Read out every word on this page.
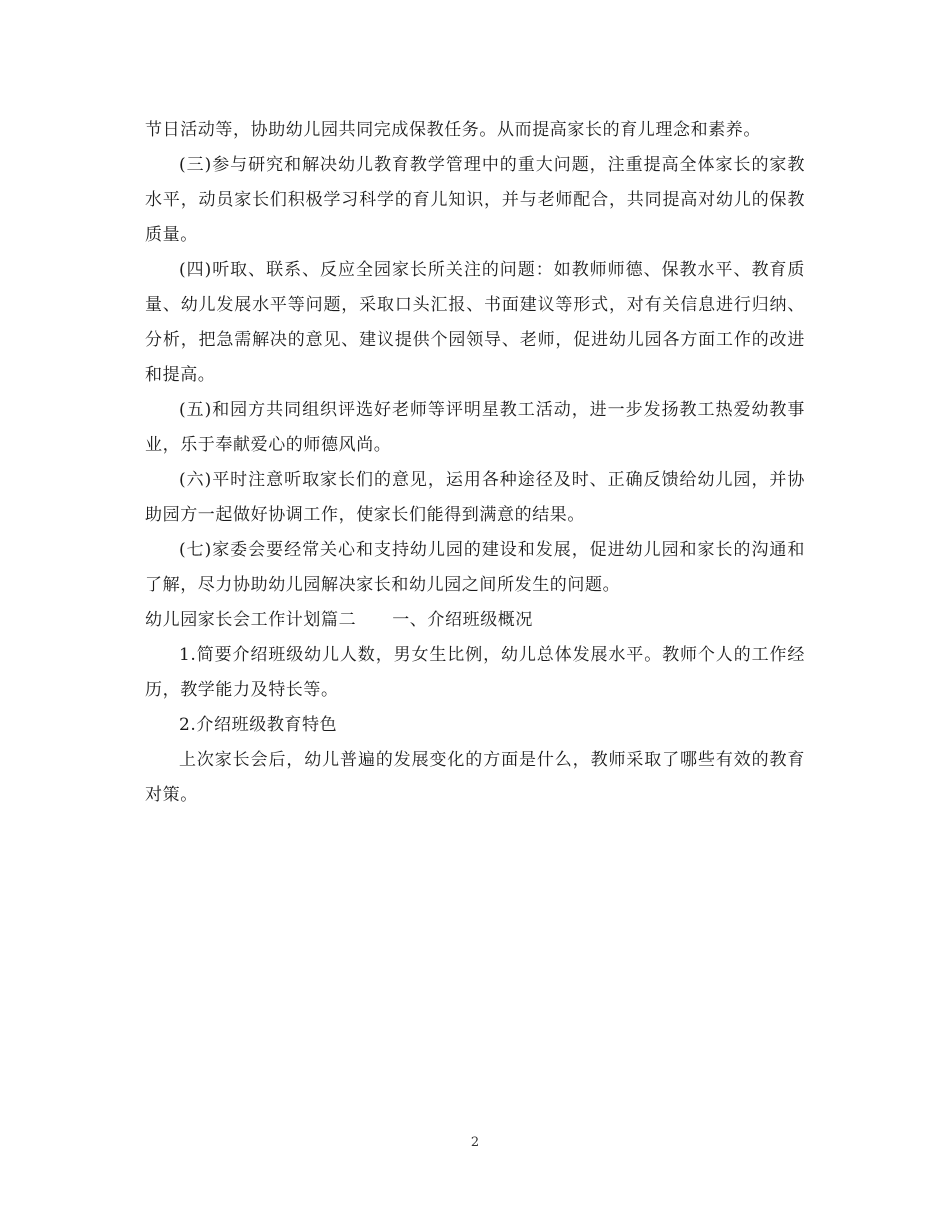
节日活动等，协助幼儿园共同完成保教任务。从而提高家长的育儿理念和素养。

(三)参与研究和解决幼儿教育教学管理中的重大问题，注重提高全体家长的家教水平，动员家长们积极学习科学的育儿知识，并与老师配合，共同提高对幼儿的保教质量。

(四)听取、联系、反应全园家长所关注的问题：如教师师德、保教水平、教育质量、幼儿发展水平等问题，采取口头汇报、书面建议等形式，对有关信息进行归纳、分析，把急需解决的意见、建议提供个园领导、老师，促进幼儿园各方面工作的改进和提高。

(五)和园方共同组织评选好老师等评明星教工活动，进一步发扬教工热爱幼教事业，乐于奉献爱心的师德风尚。

(六)平时注意听取家长们的意见，运用各种途径及时、正确反馈给幼儿园，并协助园方一起做好协调工作，使家长们能得到满意的结果。

(七)家委会要经常关心和支持幼儿园的建设和发展，促进幼儿园和家长的沟通和了解，尽力协助幼儿园解决家长和幼儿园之间所发生的问题。

幼儿园家长会工作计划篇二 一、介绍班级概况

1.简要介绍班级幼儿人数，男女生比例，幼儿总体发展水平。教师个人的工作经历，教学能力及特长等。

2.介绍班级教育特色

上次家长会后，幼儿普遍的发展变化的方面是什么，教师采取了哪些有效的教育对策。

2
